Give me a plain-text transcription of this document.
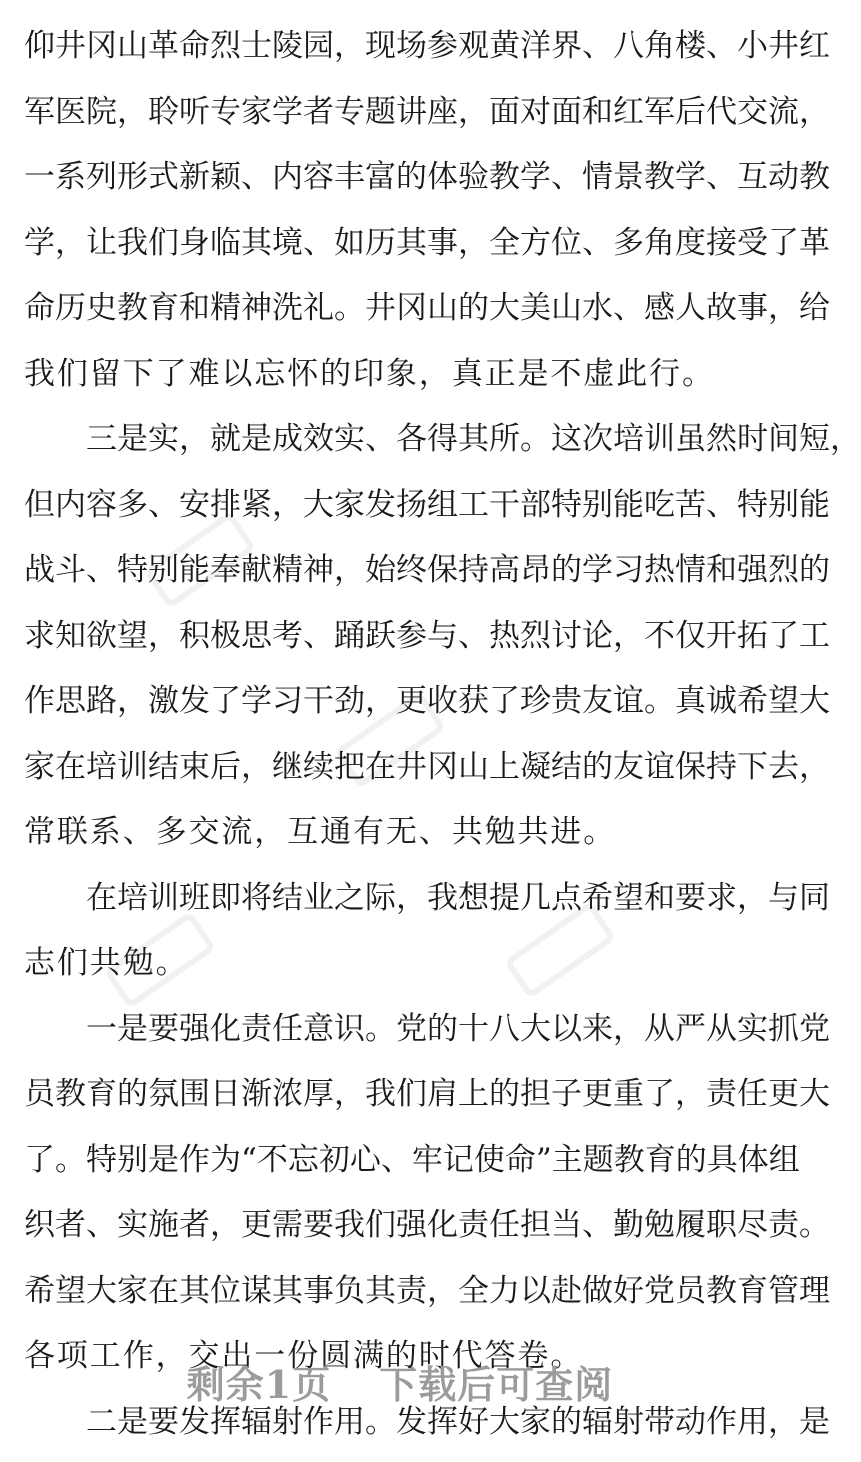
仰井冈山革命烈士陵园，现场参观黄洋界、八角楼、小井红
军医院，聆听专家学者专题讲座，面对面和红军后代交流，
一系列形式新颖、内容丰富的体验教学、情景教学、互动教
学，让我们身临其境、如历其事，全方位、多角度接受了革
命历史教育和精神洗礼。井冈山的大美山水、感人故事，给
我们留下了难以忘怀的印象，真正是不虚此行。
三是实，就是成效实、各得其所。这次培训虽然时间短，
但内容多、安排紧，大家发扬组工干部特别能吃苦、特别能
战斗、特别能奉献精神，始终保持高昂的学习热情和强烈的
求知欲望，积极思考、踊跃参与、热烈讨论，不仅开拓了工
作思路，激发了学习干劲，更收获了珍贵友谊。真诚希望大
家在培训结束后，继续把在井冈山上凝结的友谊保持下去，
常联系、多交流，互通有无、共勉共进。
在培训班即将结业之际，我想提几点希望和要求，与同
志们共勉。
一是要强化责任意识。党的十八大以来，从严从实抓党
员教育的氛围日渐浓厚，我们肩上的担子更重了，责任更大
了。特别是作为“不忘初心、牢记使命”主题教育的具体组
织者、实施者，更需要我们强化责任担当、勤勉履职尽责。
希望大家在其位谋其事负其责，全力以赴做好党员教育管理
各项工作，交出一份圆满的时代答卷。
二是要发挥辐射作用。发挥好大家的辐射带动作用，是
剩余1页 下载后可查阅
